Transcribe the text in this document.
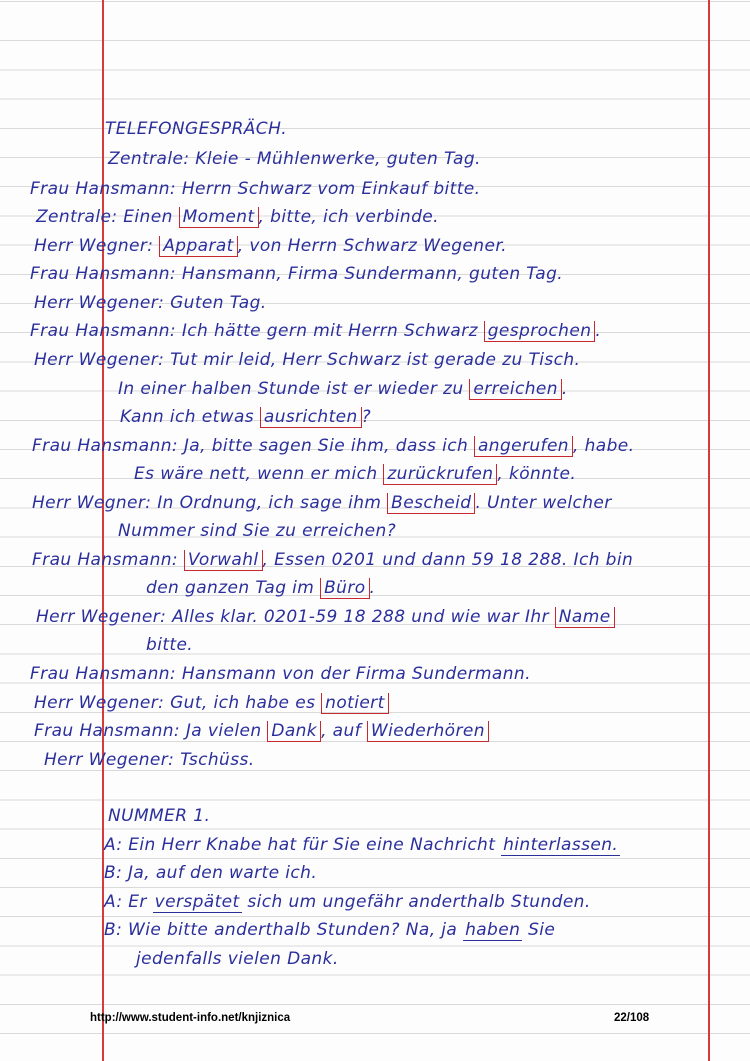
TELEFONGESPRÄCH.

Zentrale: Kleie - Mühlenwerke, guten Tag.

Frau Hansmann: Herrn Schwarz vom Einkauf bitte.

Zentrale: Einen Moment , bitte, ich verbinde.

Herr Wegner: Apparat , von Herrn Schwarz Wegener.

Frau Hansmann: Hansmann, Firma Sundermann, guten Tag.

Herr Wegener: Guten Tag.

Frau Hansmann: Ich hätte gern mit Herrn Schwarz gesprochen .

Herr Wegener: Tut mir leid, Herr Schwarz ist gerade zu Tisch.

In einer halben Stunde ist er wieder zu erreichen .

Kann ich etwas ausrichten ?

Frau Hansmann: Ja, bitte sagen Sie ihm, dass ich angerufen , habe.

Es wäre nett, wenn er mich zurückrufen , könnte.

Herr Wegner: In Ordnung, ich sage ihm Bescheid . Unter welcher

Nummer sind Sie zu erreichen?

Frau Hansmann: Vorwahl , Essen 0201 und dann 59 18 288. Ich bin

den ganzen Tag im Büro .

Herr Wegener: Alles klar. 0201-59 18 288 und wie war Ihr Name

bitte.

Frau Hansmann: Hansmann von der Firma Sundermann.

Herr Wegener: Gut, ich habe es notiert

Frau Hansmann: Ja vielen Dank , auf Wiederhören

Herr Wegener: Tschüss.

NUMMER 1.

A: Ein Herr Knabe hat für Sie eine Nachricht hinterlassen.

B: Ja, auf den warte ich.

A: Er verspätet sich um ungefähr anderthalb Stunden.

B: Wie bitte anderthalb Stunden? Na, ja haben Sie

jedenfalls vielen Dank.

http://www.student-info.net/knjiznica	22/108
